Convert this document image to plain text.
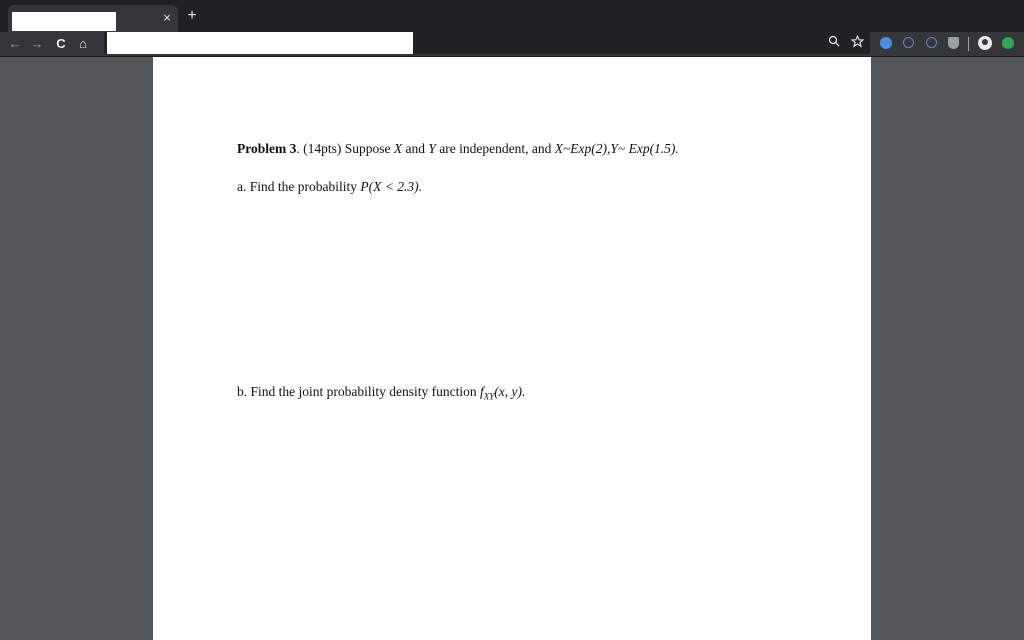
× +
← → C	⌂
Problem 3. (14pts) Suppose X and Y are independent, and X~Exp(2),Y~ Exp(1.5).
a. Find the probability P(X < 2.3).
b. Find the joint probability density function $f_{XY}(x$, y).
